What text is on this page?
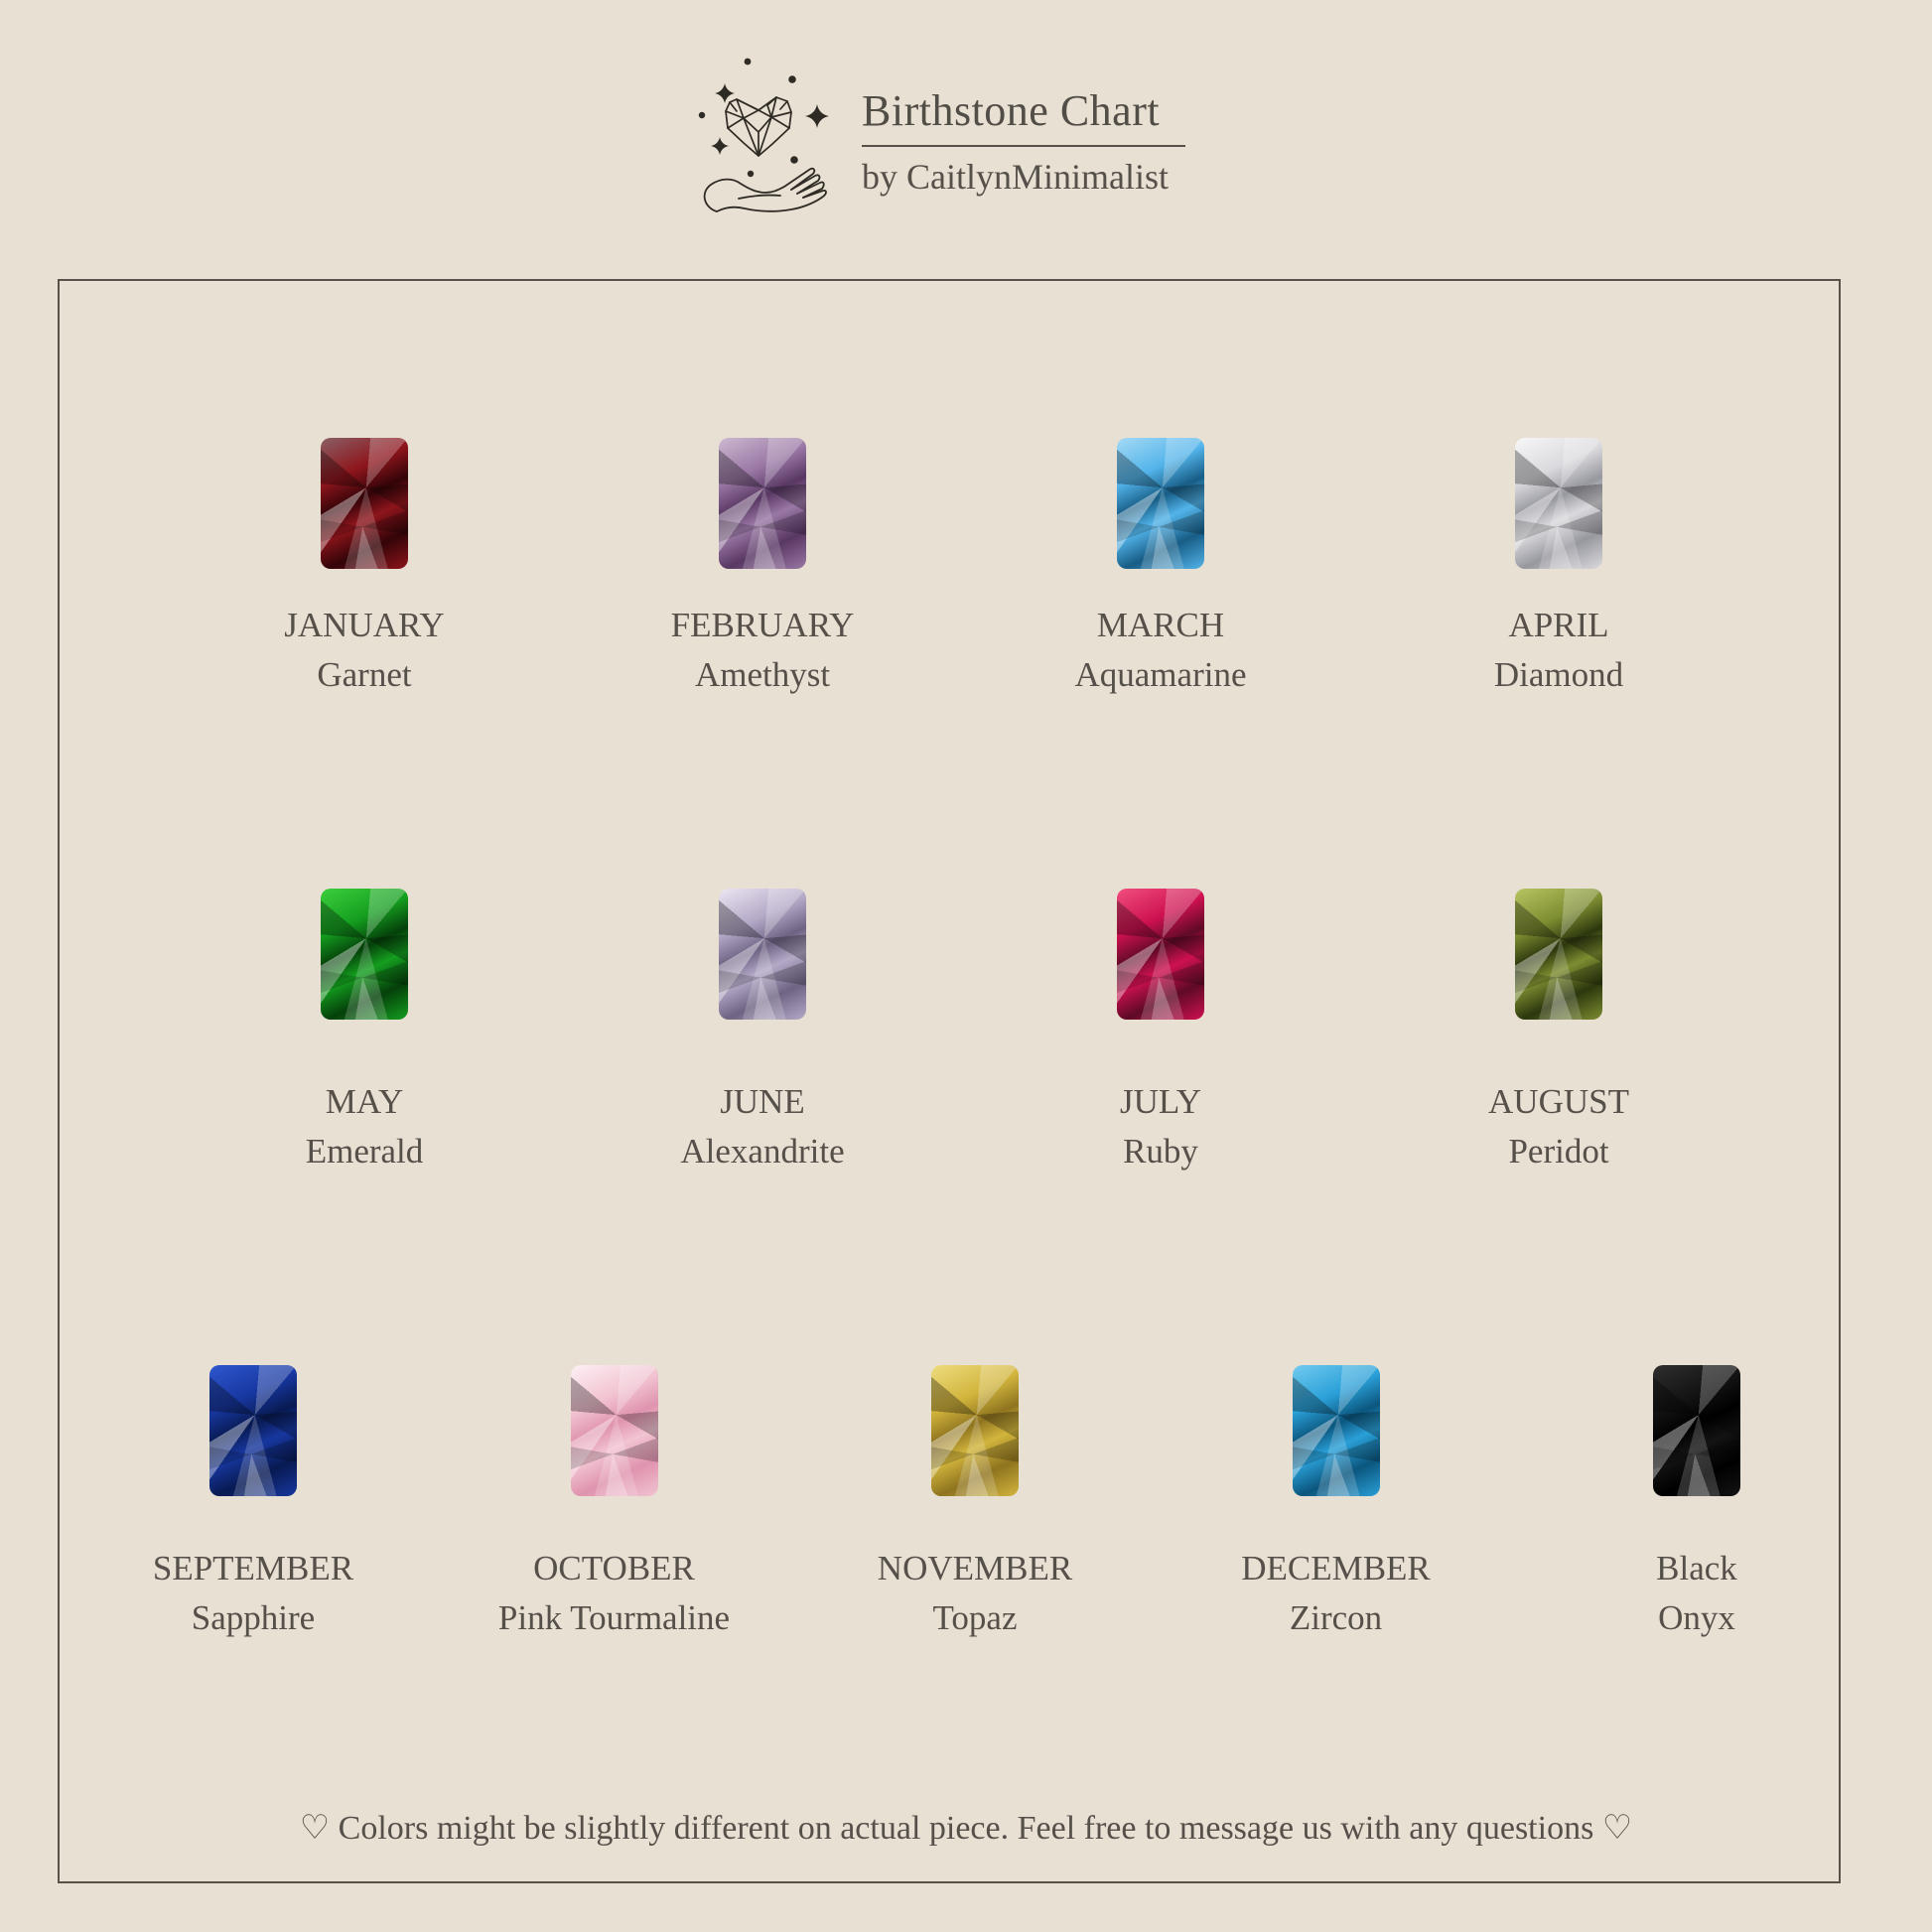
Birthstone Chart
by CaitlynMinimalist
JANUARY
Garnet
FEBRUARY
Amethyst
MARCH
Aquamarine
APRIL
Diamond
MAY
Emerald
JUNE
Alexandrite
JULY
Ruby
AUGUST
Peridot
SEPTEMBER
Sapphire
OCTOBER
Pink Tourmaline
NOVEMBER
Topaz
DECEMBER
Zircon
Black
Onyx
♡ Colors might be slightly different on actual piece. Feel free to message us with any questions ♡
